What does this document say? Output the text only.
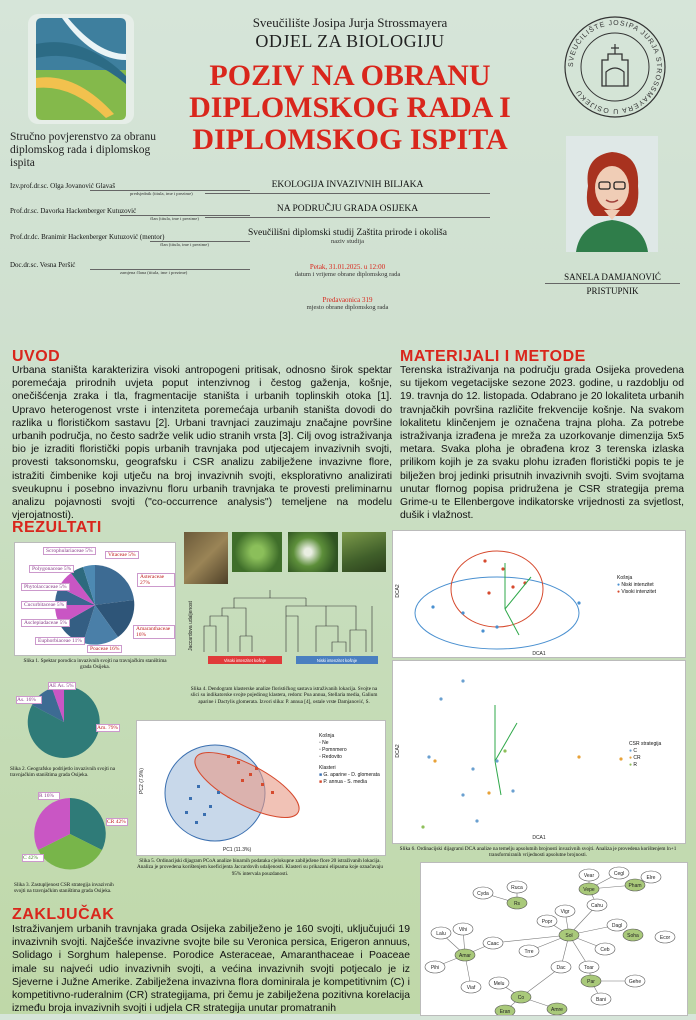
SVEUČILIŠTE JOSIPA JURJA STROSSMAYERA U OSIJEKU
Sveučilište Josipa Jurja Strossmayera
ODJEL ZA BIOLOGIJU
POZIV NA OBRANU
DIPLOMSKOG RADA I
DIPLOMSKOG ISPITA
Stručno povjerenstvo za obranu diplomskog rada i diplomskog ispita
Izv.prof.dr.sc. Olga Jovanović Glavaš
predsjednik (titula, ime i prezime)
Prof.dr.sc. Davorka Hackenberger Kutuzović
član (titula, ime i prezime)
Prof.dr.dc. Branimir Hackenberger Kutuzović (mentor)
član (titula, ime i prezime)
Doc.dr.sc. Vesna Peršić
zamjena člana (titula, ime i prezime)
EKOLOGIJA INVAZIVNIH BILJAKA
NA PODRUČJU GRADA OSIJEKA
Sveučilišni diplomski studij Zaštita prirode i okoliša
naziv studija
Petak, 31.01.2025. u 12:00
datum i vrijeme obrane diplomskog rada
Predavaonica 319
mjesto obrane diplomskog rada
SANELA DAMJANOVIĆ
PRISTUPNIK
UVOD
Urbana staništa karakterizira visoki antropogeni pritisak, odnosno širok spektar poremećaja prirodnih uvjeta poput intenzivnog i čestog gaženja, košnje, onečišćenja zraka i tla, fragmentacije staništa i urbanih toplinskih otoka [1]. Upravo heterogenost vrste i intenziteta poremećaja urbanih staništa dovodi do razlika u florističkom sastavu [2]. Urbani travnjaci zauzimaju značajne površine urbanih područja, no često sadrže velik udio stranih vrsta [3]. Cilj ovog istraživanja bio je izraditi floristički popis urbanih travnjaka pod utjecajem invazivnih svojti, provesti taksonomsku, geografsku i CSR analizu zabilježene invazivne flore, istražiti čimbenike koji utječu na broj invazivnih svojti, eksplorativno analizirati sveukupnu i posebno invazivnu floru urbanih travnjaka te provesti preliminarnu analizu pojavnosti svojti ("co-occurrence analysis") temeljene na modelu vjerojatnosti).
MATERIJALI I METODE
Terenska istraživanja na području grada Osijeka provedena su tijekom vegetacijske sezone 2023. godine, u razdoblju od 19. travnja do 12. listopada. Odabrano je 20 lokaliteta urbanih travnjačkih površina različite frekvencije košnje. Na svakom lokalitetu klinčenjem je označena trajna ploha. Za potrebe istraživanja izrađena je mreža za uzorkovanje dimenzija 5x5 metara. Svaka ploha je obrađena kroz 3 terenska izlaska prilikom kojih je za svaku plohu izrađen floristički popis te je bilježen broj jedinki prisutnih invazivnih svojti. Svim svojtama unutar flornog popisa pridružena je CSR strategija prema Grime-u te Ellenbergove indikatorske vrijednosti za svjetlost, dušik i vlažnost.
REZULTATI
Scrophulariaceae 5%
Polygonaceae 5%
Phytolaccaceae 5%
Cucurbitaceae 5%
Asclepiadaceae 5%
Euphorbiaceae 11%
Poaceae 16%
Amaranthaceae 16%
Asteraceae 27%
Vitaceae 5%
Slika 1. Spektar porodica invazivnih svojti na travnjačkim staništima grada Osijeka.
AE As. 5%
As. 16%
Am. 79%
Slika 2. Geografsko podrijetlo invazivnih svojti na travnjačkim staništima grada Osijeka.
R 16%
CR 42%
C 42%
Slika 3. Zastupljenost CSR strategija invazivnih svojti na travnjačkim staništima grada Osijeka.
Jaccardova udaljenost
Visoki intenzitet košnje	Niski intenzitet košnje
Slika 4. Dendogram klasterske analize florističkog sastava istraživanih lokacija. Svojte na slici su indikatorske svojte pojedinog klastera, redom: Poa annua, Stellaria media, Galium aparine i Dactylis glomerata. Izvori slika: P. annua [4], ostale vrste Damjanović, S.
PC2 (7.9%)
PC1 (11.3%)
Košnja
▫ Ne
▫ Pomnmero
▫ Redovito
Klasteri
■ G. aparine - D. glomerata
■ P. annua - S. media
Slika 5. Ordinacijski dijagram PCoA analize binarnih podataka cjelokupne zabilježene flore 20 istraživanih lokacija. Analiza je provedena korištenjem koeficijenta Jaccardovih udaljenosti. Klasteri su prikazani elipsama koje označavaju 95% intervala pouzdanosti.
DCA2
DCA1
Košnja
● Niski intenzitet
● Visoki intenzitet
DCA2
DCA1
CSR strategija
● C
● CR
● R
Slika 6. Ordinacijski dijagrami DCA analize na temelju apsolutnih brojnosti invazivnih svojti. Analiza je provedena korištenjem ln+1 transformiranih vrijednosti apsolutne brojnosti.
Vear	Cegl
Elre
Ruca	Vepe
Pham
Cyda
Rs	Cahu
Vigr
Popr
Dagl
Lalu
Vihi
Sol	Soha	Ecor
Caac
Trre	Ceb
Amar
Pihi	Dac	Toar
Par	Gehe
Viaf
Melu
Co	Bani
Eran	Amre
ZAKLJUČAK
Istraživanjem urbanih travnjaka grada Osijeka zabilježeno je 160 svojti, uključujući 19 invazivnih svojti. Najčešće invazivne svojte bile su Veronica persica, Erigeron annuus, Solidago i Sorghum halepense. Porodice Asteraceae, Amaranthaceae i Poaceae imale su najveći udio invazivnih svojti, a većina invazivnih svojti potjecalo je iz Sjeverne i Južne Amerike. Zabilježena invazivna flora dominirala je kompetitivnim (C) i kompetitivno-ruderalnim (CR) strategijama, pri čemu je zabilježena pozitivna korelacija između broja invazivnih svojti i udjela CR strategija unutar promatranih
